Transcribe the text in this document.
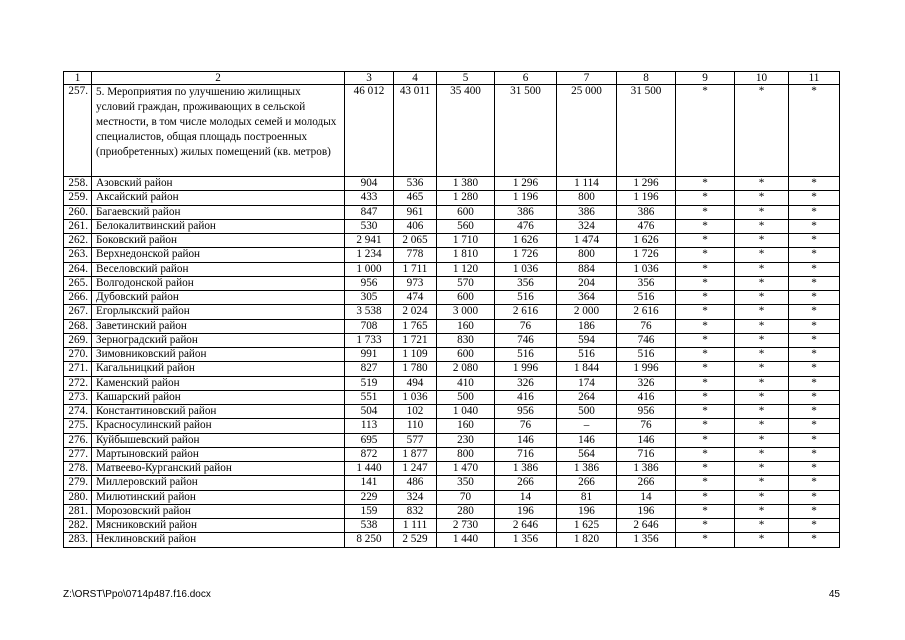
1	2	3	4	5	6	7	8	9	10	11
257.	5. Мероприятия по улучшению жилищных условий граждан, проживающих в сельской местности, в том числе молодых семей и молодых специалистов, общая площадь построенных (приобретенных) жилых помещений (кв. метров)	46 012	43 011	35 400	31 500	25 000	31 500	*	*	*
258.	Азовский район	904	536	1 380	1 296	1 114	1 296	*	*	*
259.	Аксайский район	433	465	1 280	1 196	800	1 196	*	*	*
260.	Багаевский район	847	961	600	386	386	386	*	*	*
261.	Белокалитвинский район	530	406	560	476	324	476	*	*	*
262.	Боковский район	2 941	2 065	1 710	1 626	1 474	1 626	*	*	*
263.	Верхнедонской район	1 234	778	1 810	1 726	800	1 726	*	*	*
264.	Веселовский район	1 000	1 711	1 120	1 036	884	1 036	*	*	*
265.	Волгодонской район	956	973	570	356	204	356	*	*	*
266.	Дубовский район	305	474	600	516	364	516	*	*	*
267.	Егорлыкский район	3 538	2 024	3 000	2 616	2 000	2 616	*	*	*
268.	Заветинский район	708	1 765	160	76	186	76	*	*	*
269.	Зерноградский район	1 733	1 721	830	746	594	746	*	*	*
270.	Зимовниковский район	991	1 109	600	516	516	516	*	*	*
271.	Кагальницкий район	827	1 780	2 080	1 996	1 844	1 996	*	*	*
272.	Каменский район	519	494	410	326	174	326	*	*	*
273.	Кашарский район	551	1 036	500	416	264	416	*	*	*
274.	Константиновский район	504	102	1 040	956	500	956	*	*	*
275.	Красносулинский район	113	110	160	76	–	76	*	*	*
276.	Куйбышевский район	695	577	230	146	146	146	*	*	*
277.	Мартыновский район	872	1 877	800	716	564	716	*	*	*
278.	Матвеево-Курганский район	1 440	1 247	1 470	1 386	1 386	1 386	*	*	*
279.	Миллеровский район	141	486	350	266	266	266	*	*	*
280.	Милютинский район	229	324	70	14	81	14	*	*	*
281.	Морозовский район	159	832	280	196	196	196	*	*	*
282.	Мясниковский район	538	1 111	2 730	2 646	1 625	2 646	*	*	*
283.	Неклиновский район	8 250	2 529	1 440	1 356	1 820	1 356	*	*	*
Z:\ORST\Ppo\0714p487.f16.docx	45
